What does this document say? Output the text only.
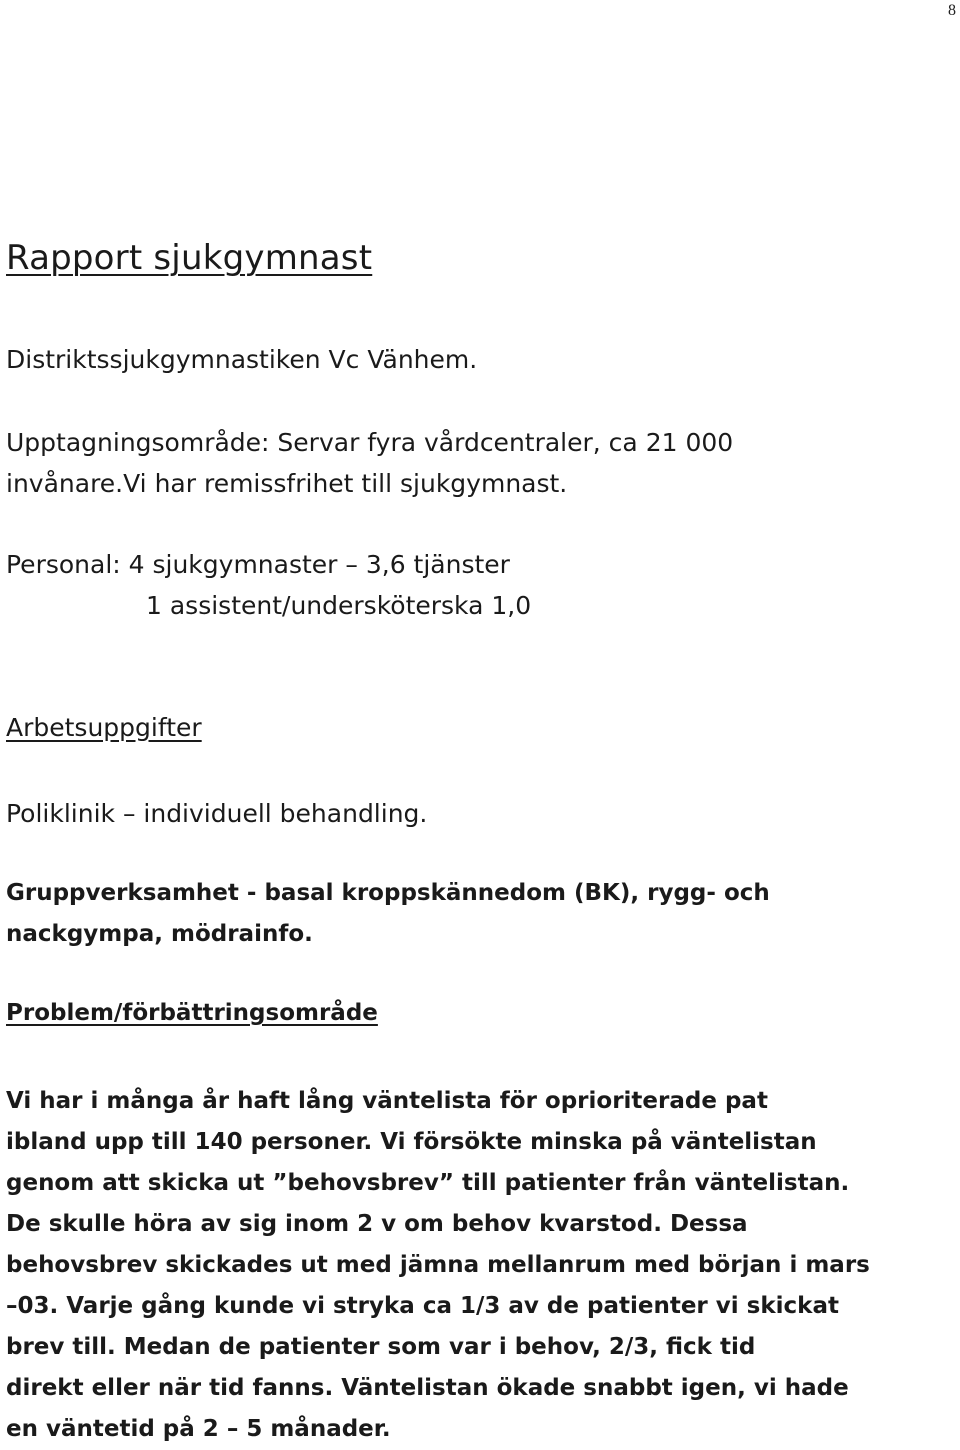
8
Rapport sjukgymnast

Distriktssjukgymnastiken Vc Vänhem.

Upptagningsområde: Servar fyra vårdcentraler, ca 21 000
invånare.Vi har remissfrihet till sjukgymnast.
Personal: 4 sjukgymnaster – 3,6 tjänster
1 assistent/undersköterska 1,0
Arbetsuppgifter

Poliklinik – individuell behandling.

Gruppverksamhet - basal kroppskännedom (BK), rygg- och
nackgympa, mödrainfo.
Problem/förbättringsområde
Vi har i många år haft lång väntelista för oprioriterade pat
ibland upp till 140 personer. Vi försökte minska på väntelistan
genom att skicka ut ”behovsbrev” till patienter från väntelistan.
De skulle höra av sig inom 2 v om behov kvarstod. Dessa
behovsbrev skickades ut med jämna mellanrum med början i mars
–03. Varje gång kunde vi stryka ca 1/3 av de patienter vi skickat
brev till. Medan de patienter som var i behov, 2/3, fick tid
direkt eller när tid fanns. Väntelistan ökade snabbt igen, vi hade
en väntetid på 2 – 5 månader.
